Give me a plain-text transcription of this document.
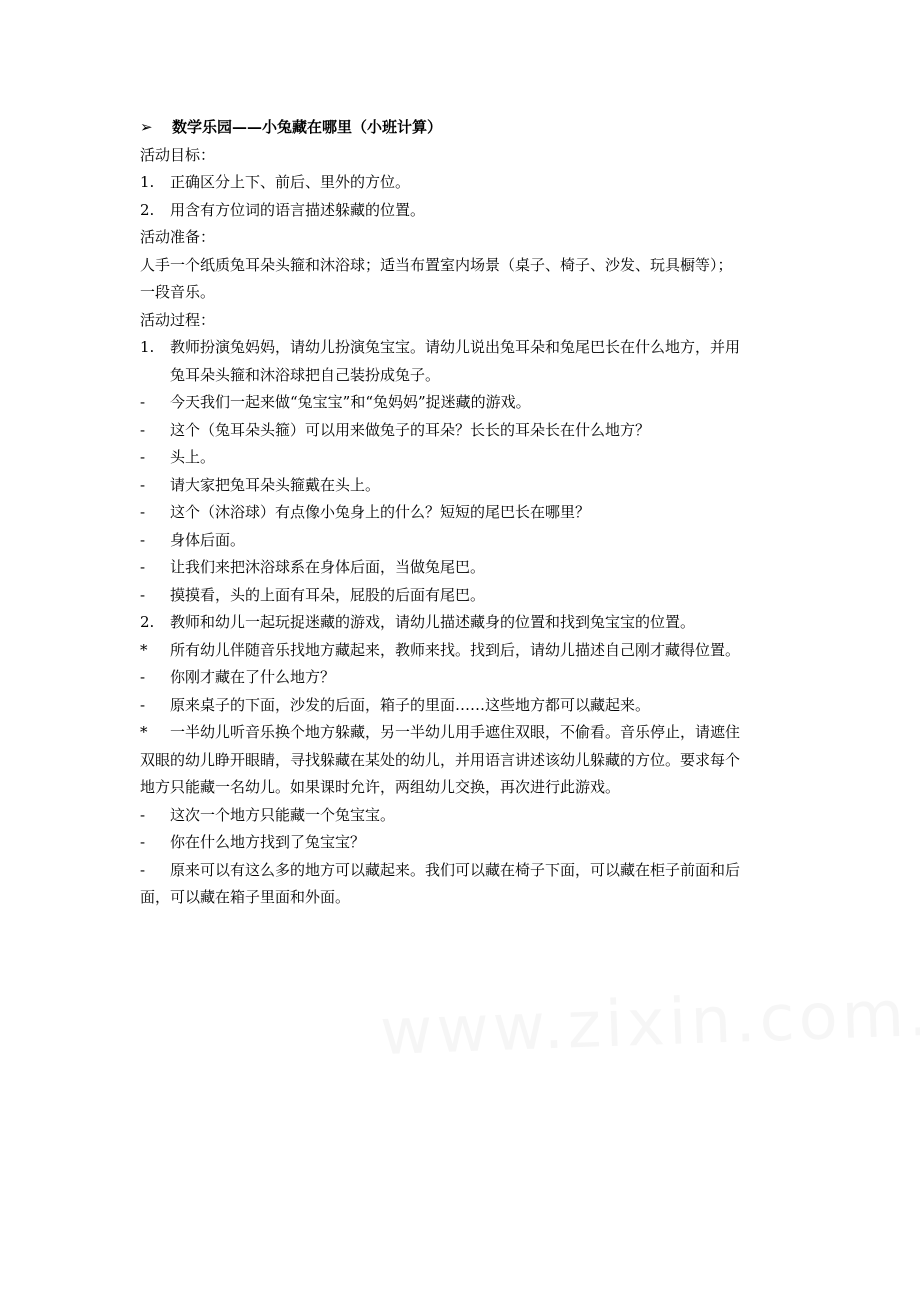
➢ 数学乐园——小兔藏在哪里（小班计算）
活动目标：
1. 正确区分上下、前后、里外的方位。
2. 用含有方位词的语言描述躲藏的位置。
活动准备：
人手一个纸质兔耳朵头箍和沐浴球；适当布置室内场景（桌子、椅子、沙发、玩具橱等）；
一段音乐。
活动过程：
1. 教师扮演兔妈妈，请幼儿扮演兔宝宝。请幼儿说出兔耳朵和兔尾巴长在什么地方，并用
兔耳朵头箍和沐浴球把自己装扮成兔子。
- 今天我们一起来做“兔宝宝”和“兔妈妈”捉迷藏的游戏。
- 这个（兔耳朵头箍）可以用来做兔子的耳朵？长长的耳朵长在什么地方？
- 头上。
- 请大家把兔耳朵头箍戴在头上。
- 这个（沐浴球）有点像小兔身上的什么？短短的尾巴长在哪里？
- 身体后面。
- 让我们来把沐浴球系在身体后面，当做兔尾巴。
- 摸摸看，头的上面有耳朵，屁股的后面有尾巴。
2. 教师和幼儿一起玩捉迷藏的游戏，请幼儿描述藏身的位置和找到兔宝宝的位置。
* 所有幼儿伴随音乐找地方藏起来，教师来找。找到后，请幼儿描述自己刚才藏得位置。
- 你刚才藏在了什么地方？
- 原来桌子的下面，沙发的后面，箱子的里面……这些地方都可以藏起来。
* 一半幼儿听音乐换个地方躲藏，另一半幼儿用手遮住双眼，不偷看。音乐停止，请遮住
双眼的幼儿睁开眼睛，寻找躲藏在某处的幼儿，并用语言讲述该幼儿躲藏的方位。要求每个
地方只能藏一名幼儿。如果课时允许，两组幼儿交换，再次进行此游戏。
- 这次一个地方只能藏一个兔宝宝。
- 你在什么地方找到了兔宝宝？
- 原来可以有这么多的地方可以藏起来。我们可以藏在椅子下面，可以藏在柜子前面和后
面，可以藏在箱子里面和外面。
